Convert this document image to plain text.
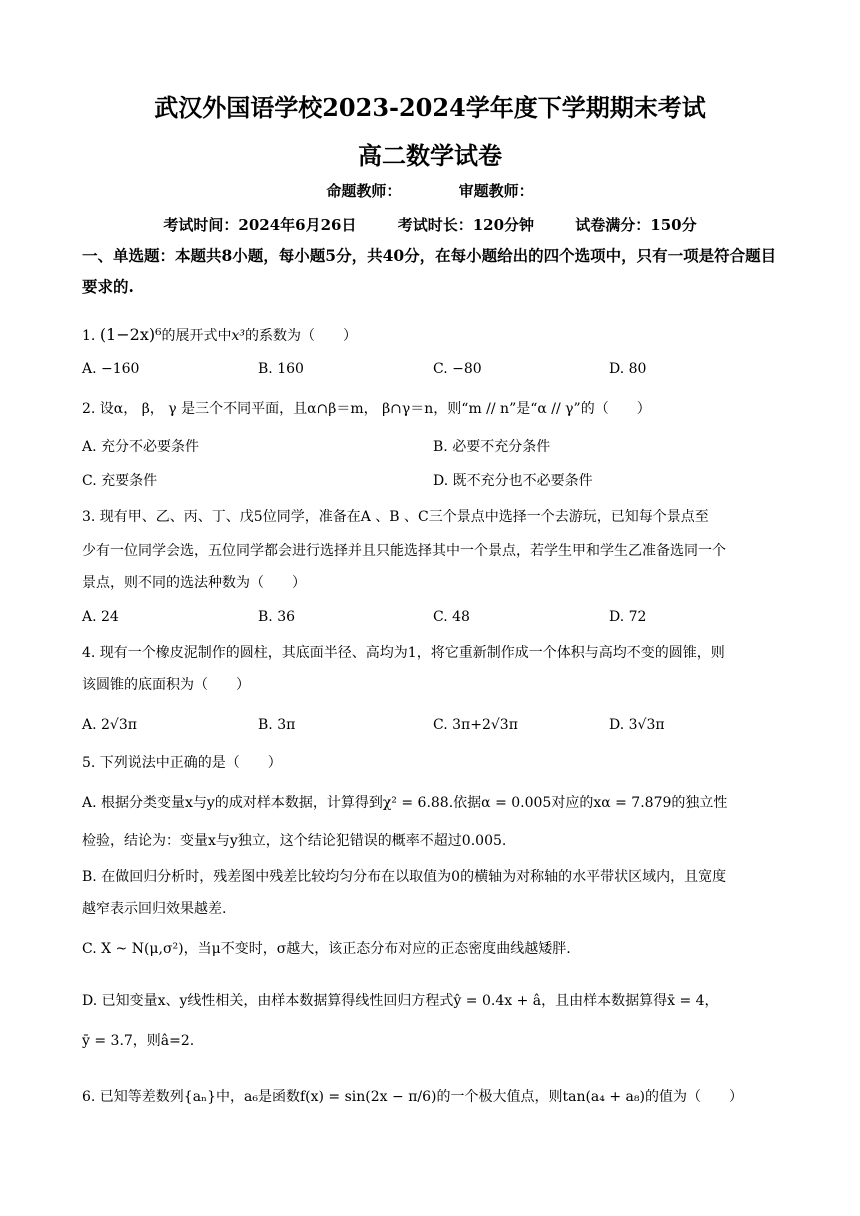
武汉外国语学校2023-2024学年度下学期期末考试
高二数学试卷
命题教师：	审题教师：
考试时间：2024年6月26日	考试时长：120分钟	试卷满分：150分
一、单选题：本题共8小题，每小题5分，共40分，在每小题给出的四个选项中，只有一项是符合题目要求的.
1. (1−2x)⁶的展开式中x³的系数为（　　）
A. −160	B. 160	C. −80	D. 80
2. 设α， β， γ 是三个不同平面，且α∩β＝m， β∩γ＝n，则“m // n”是“α // γ”的（　　）
A. 充分不必要条件	B. 必要不充分条件
C. 充要条件	D. 既不充分也不必要条件
3. 现有甲、乙、丙、丁、戊5位同学，准备在A 、B 、C三个景点中选择一个去游玩，已知每个景点至
少有一位同学会选，五位同学都会进行选择并且只能选择其中一个景点，若学生甲和学生乙准备选同一个
景点，则不同的选法种数为（　　）
A. 24	B. 36	C. 48	D. 72
4. 现有一个橡皮泥制作的圆柱，其底面半径、高均为1，将它重新制作成一个体积与高均不变的圆锥，则
该圆锥的底面积为（　　）
A. 2√3π	B. 3π	C. 3π+2√3π	D. 3√3π
5. 下列说法中正确的是（　　）
A. 根据分类变量x与y的成对样本数据，计算得到χ² = 6.88.依据α = 0.005对应的xα = 7.879的独立性
检验，结论为：变量x与y独立，这个结论犯错误的概率不超过0.005.
B. 在做回归分析时，残差图中残差比较均匀分布在以取值为0的横轴为对称轴的水平带状区域内，且宽度
越窄表示回归效果越差.
C. X ~ N(μ,σ²)，当μ不变时，σ越大，该正态分布对应的正态密度曲线越矮胖.
D. 已知变量x、y线性相关，由样本数据算得线性回归方程式ŷ = 0.4x + â，且由样本数据算得x̄ = 4，
ȳ = 3.7，则â=2.
6. 已知等差数列{aₙ}中，a₆是函数f(x) = sin(2x − π/6)的一个极大值点，则tan(a₄ + a₈)的值为（　　）
